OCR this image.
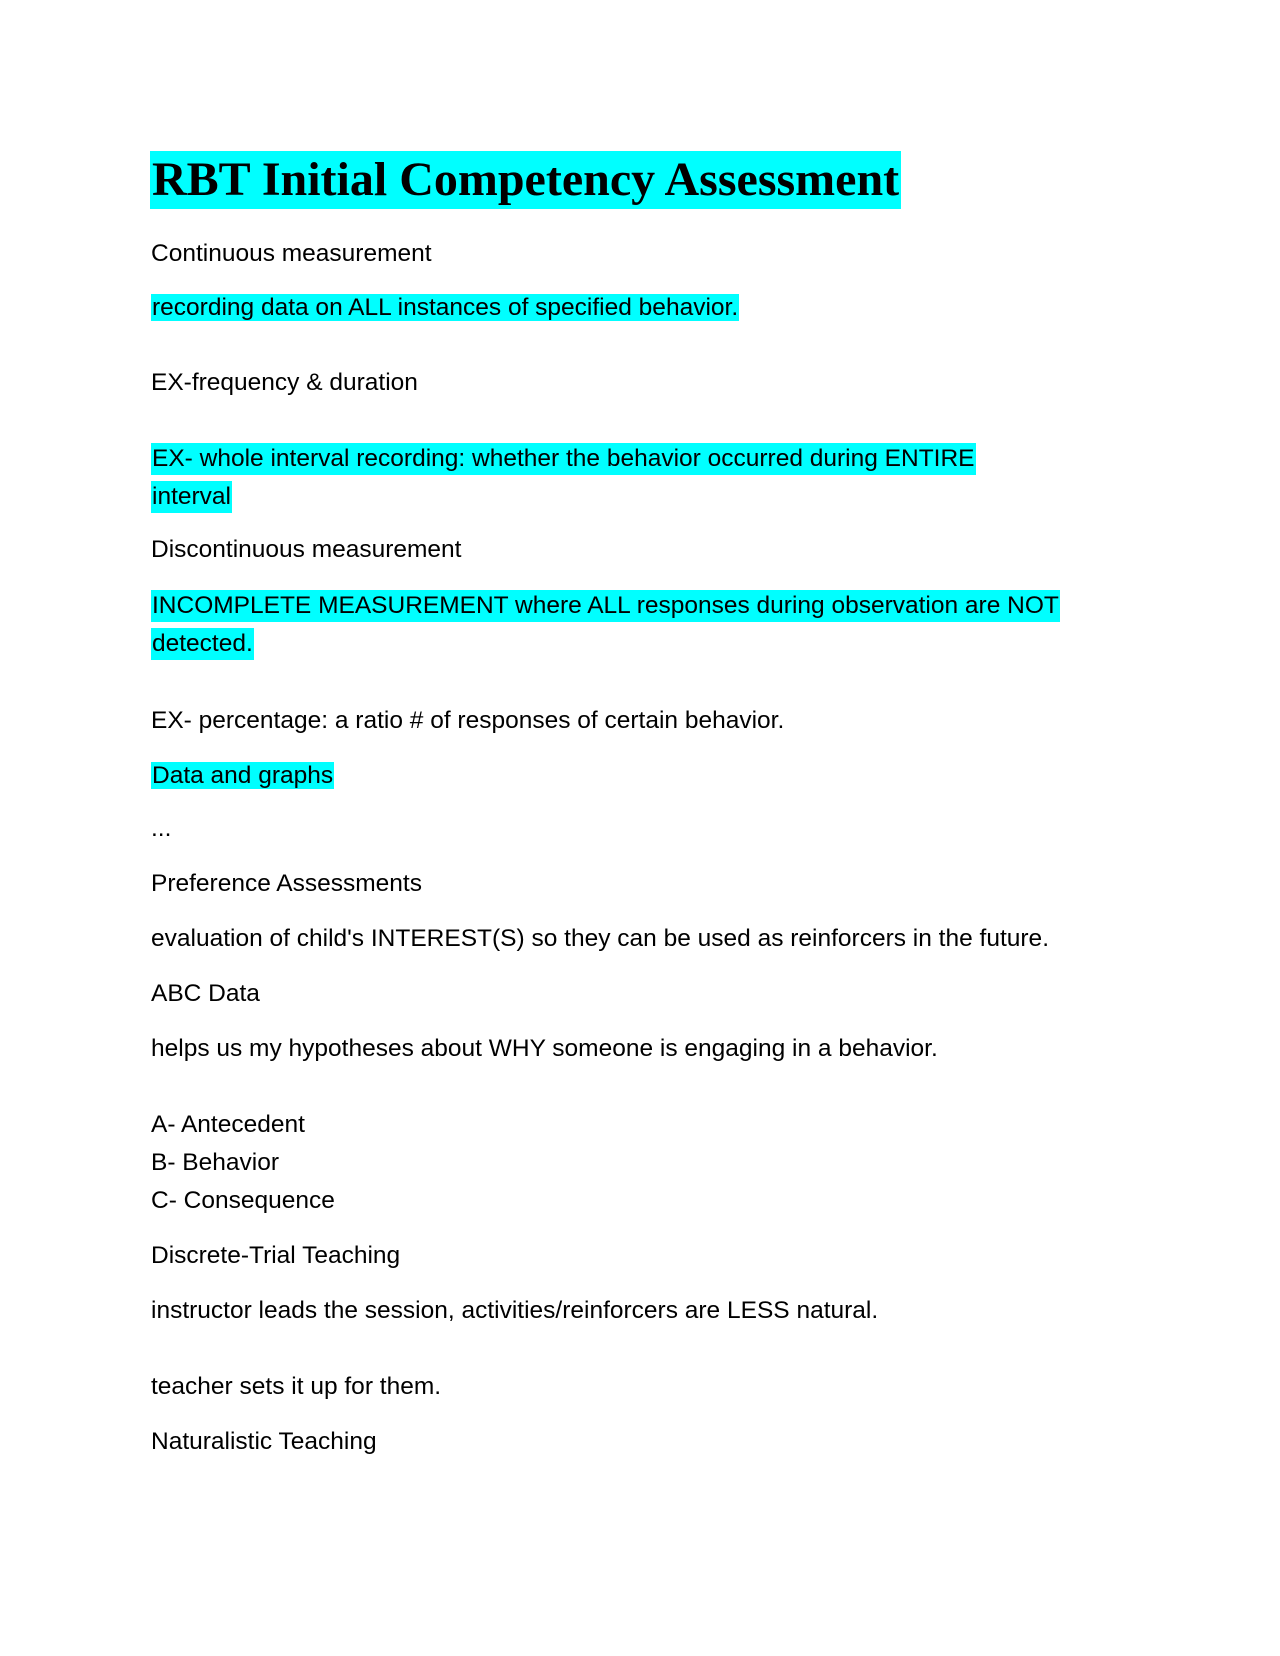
RBT Initial Competency Assessment

Continuous measurement

recording data on ALL instances of specified behavior.

EX-frequency & duration

EX- whole interval recording: whether the behavior occurred during ENTIRE
interval

Discontinuous measurement

INCOMPLETE MEASUREMENT where ALL responses during observation are NOT
detected.

EX- percentage: a ratio # of responses of certain behavior.

Data and graphs

...

Preference Assessments

evaluation of child's INTEREST(S) so they can be used as reinforcers in the future.

ABC Data

helps us my hypotheses about WHY someone is engaging in a behavior.

A- Antecedent

B- Behavior

C- Consequence

Discrete-Trial Teaching

instructor leads the session, activities/reinforcers are LESS natural.

teacher sets it up for them.

Naturalistic Teaching
